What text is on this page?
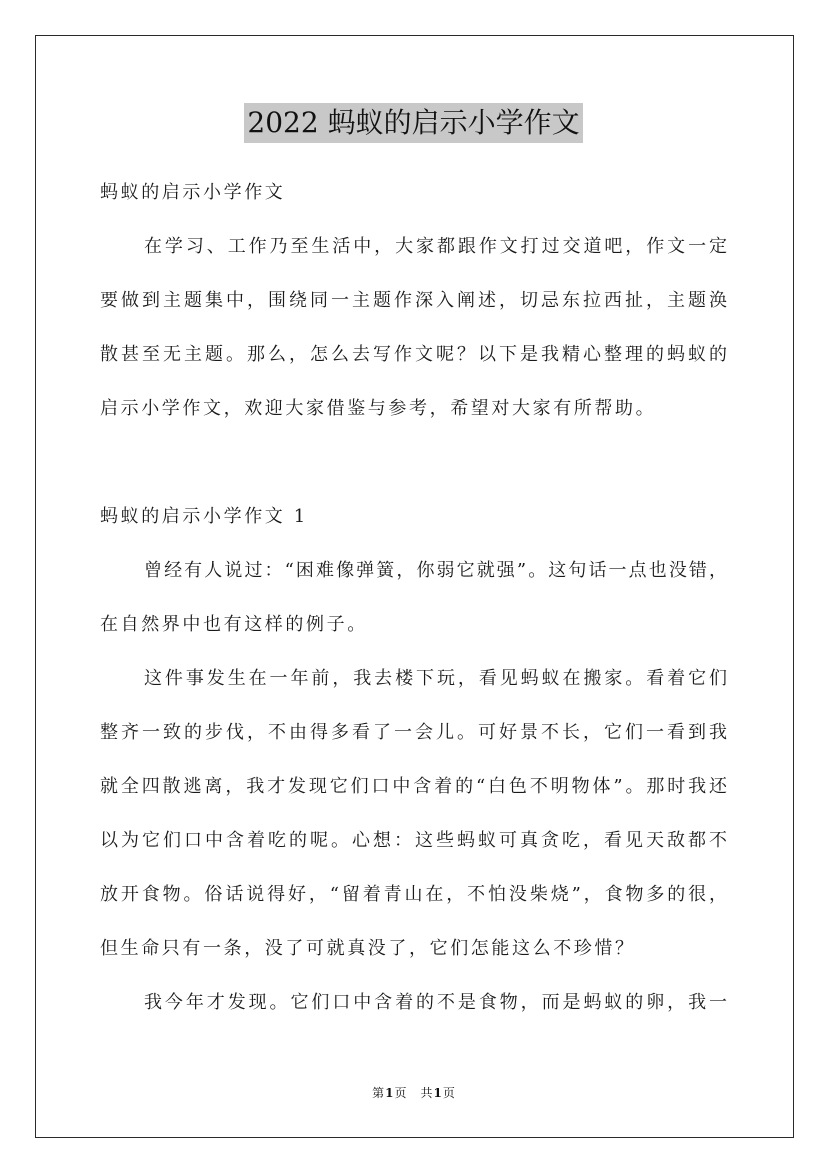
2022 蚂蚁的启示小学作文
蚂蚁的启示小学作文
在学习、工作乃至生活中，大家都跟作文打过交道吧，作文一定
要做到主题集中，围绕同一主题作深入阐述，切忌东拉西扯，主题涣
散甚至无主题。那么，怎么去写作文呢？以下是我精心整理的蚂蚁的
启示小学作文，欢迎大家借鉴与参考，希望对大家有所帮助。
蚂蚁的启示小学作文 1
曾经有人说过：“困难像弹簧，你弱它就强”。这句话一点也没错，
在自然界中也有这样的例子。
这件事发生在一年前，我去楼下玩，看见蚂蚁在搬家。看着它们
整齐一致的步伐，不由得多看了一会儿。可好景不长，它们一看到我
就全四散逃离，我才发现它们口中含着的“白色不明物体”。那时我还
以为它们口中含着吃的呢。心想：这些蚂蚁可真贪吃，看见天敌都不
放开食物。俗话说得好，“留着青山在，不怕没柴烧”，食物多的很，
但生命只有一条，没了可就真没了，它们怎能这么不珍惜？
我今年才发现。它们口中含着的不是食物，而是蚂蚁的卵，我一
第1页 共1页
